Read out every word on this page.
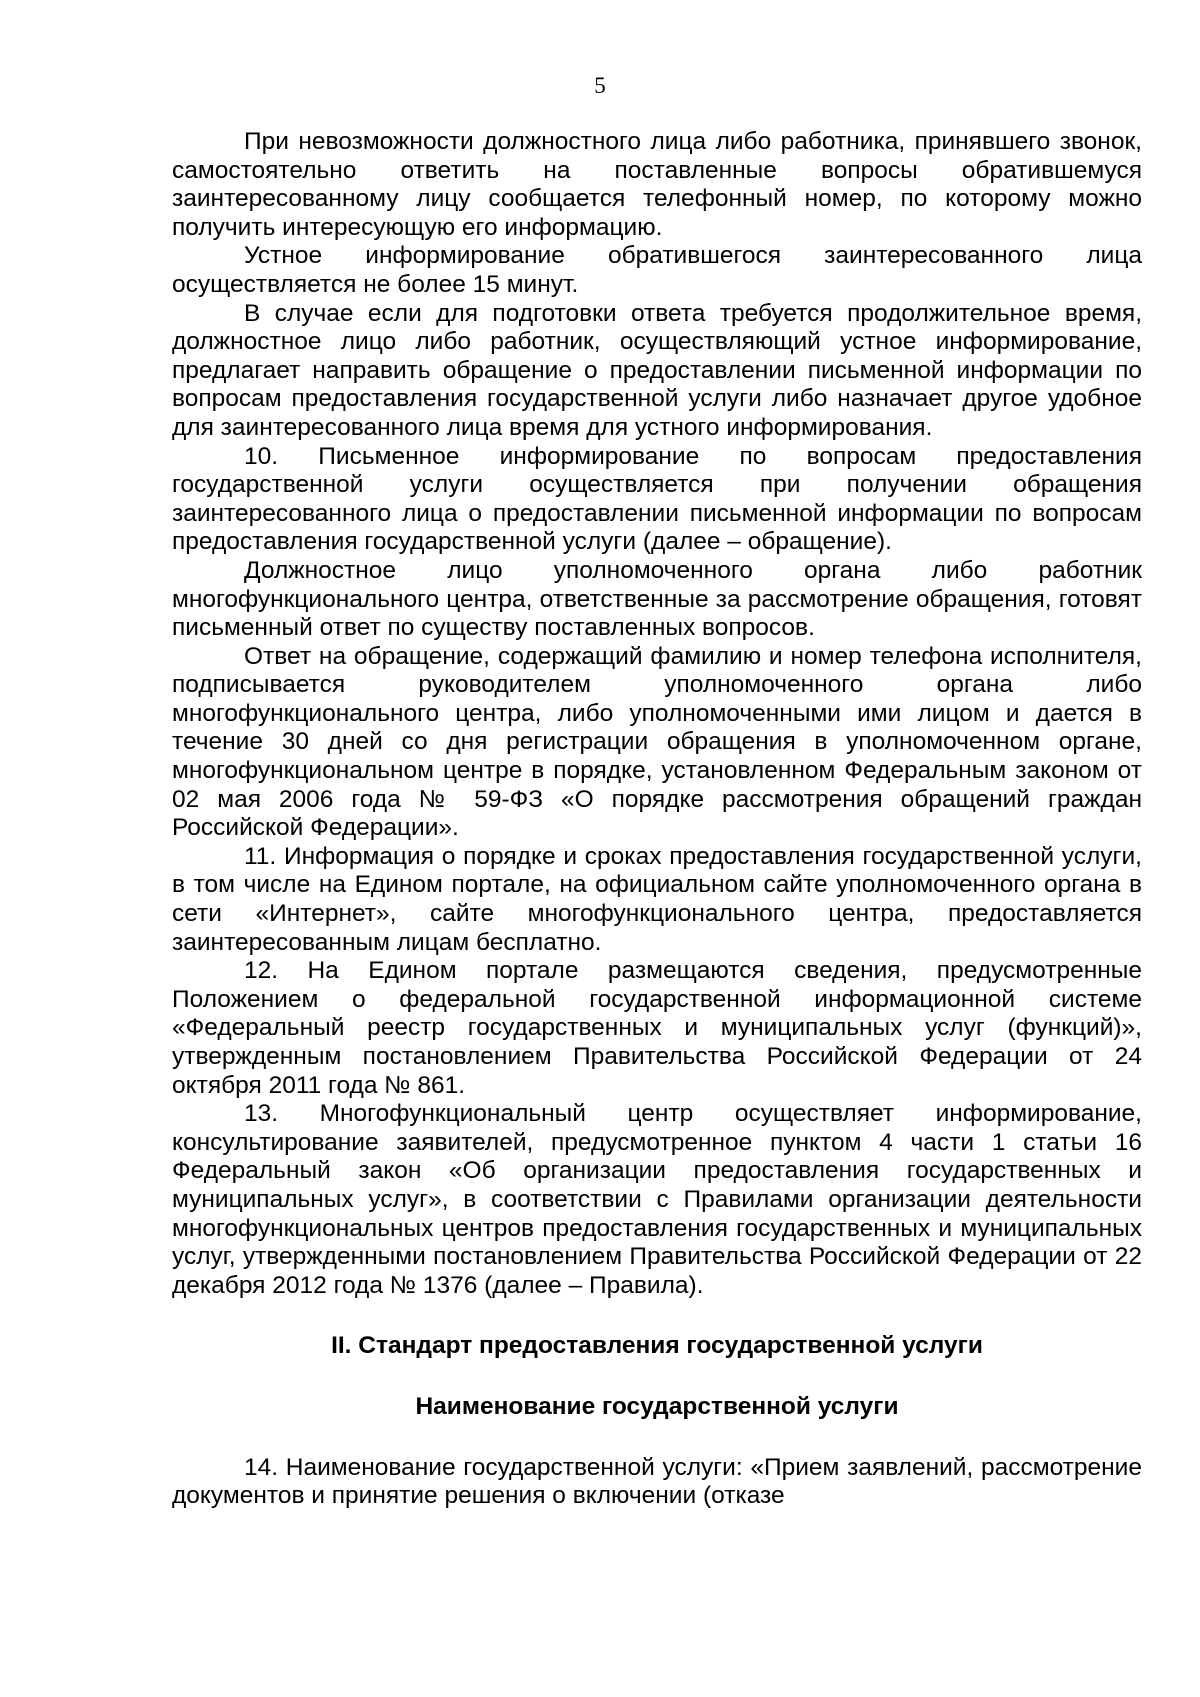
5

При невозможности должностного лица либо работника, принявшего звонок, самостоятельно ответить на поставленные вопросы обратившемуся заинтересованному лицу сообщается телефонный номер, по которому можно получить интересующую его информацию.

Устное информирование обратившегося заинтересованного лица осуществляется не более 15 минут.

В случае если для подготовки ответа требуется продолжительное время, должностное лицо либо работник, осуществляющий устное информирование, предлагает направить обращение о предоставлении письменной информации по вопросам предоставления государственной услуги либо назначает другое удобное для заинтересованного лица время для устного информирования.

10. Письменное информирование по вопросам предоставления государственной услуги осуществляется при получении обращения заинтересованного лица о предоставлении письменной информации по вопросам предоставления государственной услуги (далее – обращение).

Должностное лицо уполномоченного органа либо работник многофункционального центра, ответственные за рассмотрение обращения, готовят письменный ответ по существу поставленных вопросов.

Ответ на обращение, содержащий фамилию и номер телефона исполнителя, подписывается руководителем уполномоченного органа либо многофункционального центра, либо уполномоченными ими лицом и дается в течение 30 дней со дня регистрации обращения в уполномоченном органе, многофункциональном центре в порядке, установленном Федеральным законом от 02 мая 2006 года № 59-ФЗ «О порядке рассмотрения обращений граждан Российской Федерации».

11. Информация о порядке и сроках предоставления государственной услуги, в том числе на Едином портале, на официальном сайте уполномоченного органа в сети «Интернет», сайте многофункционального центра, предоставляется заинтересованным лицам бесплатно.

12. На Едином портале размещаются сведения, предусмотренные Положением о федеральной государственной информационной системе «Федеральный реестр государственных и муниципальных услуг (функций)», утвержденным постановлением Правительства Российской Федерации от 24 октября 2011 года № 861.

13. Многофункциональный центр осуществляет информирование, консультирование заявителей, предусмотренное пунктом 4 части 1 статьи 16 Федеральный закон «Об организации предоставления государственных и муниципальных услуг», в соответствии с Правилами организации деятельности многофункциональных центров предоставления государственных и муниципальных услуг, утвержденными постановлением Правительства Российской Федерации от 22 декабря 2012 года № 1376 (далее – Правила).

II. Стандарт предоставления государственной услуги
Наименование государственной услуги

14. Наименование государственной услуги: «Прием заявлений, рассмотрение документов и принятие решения о включении (отказе
